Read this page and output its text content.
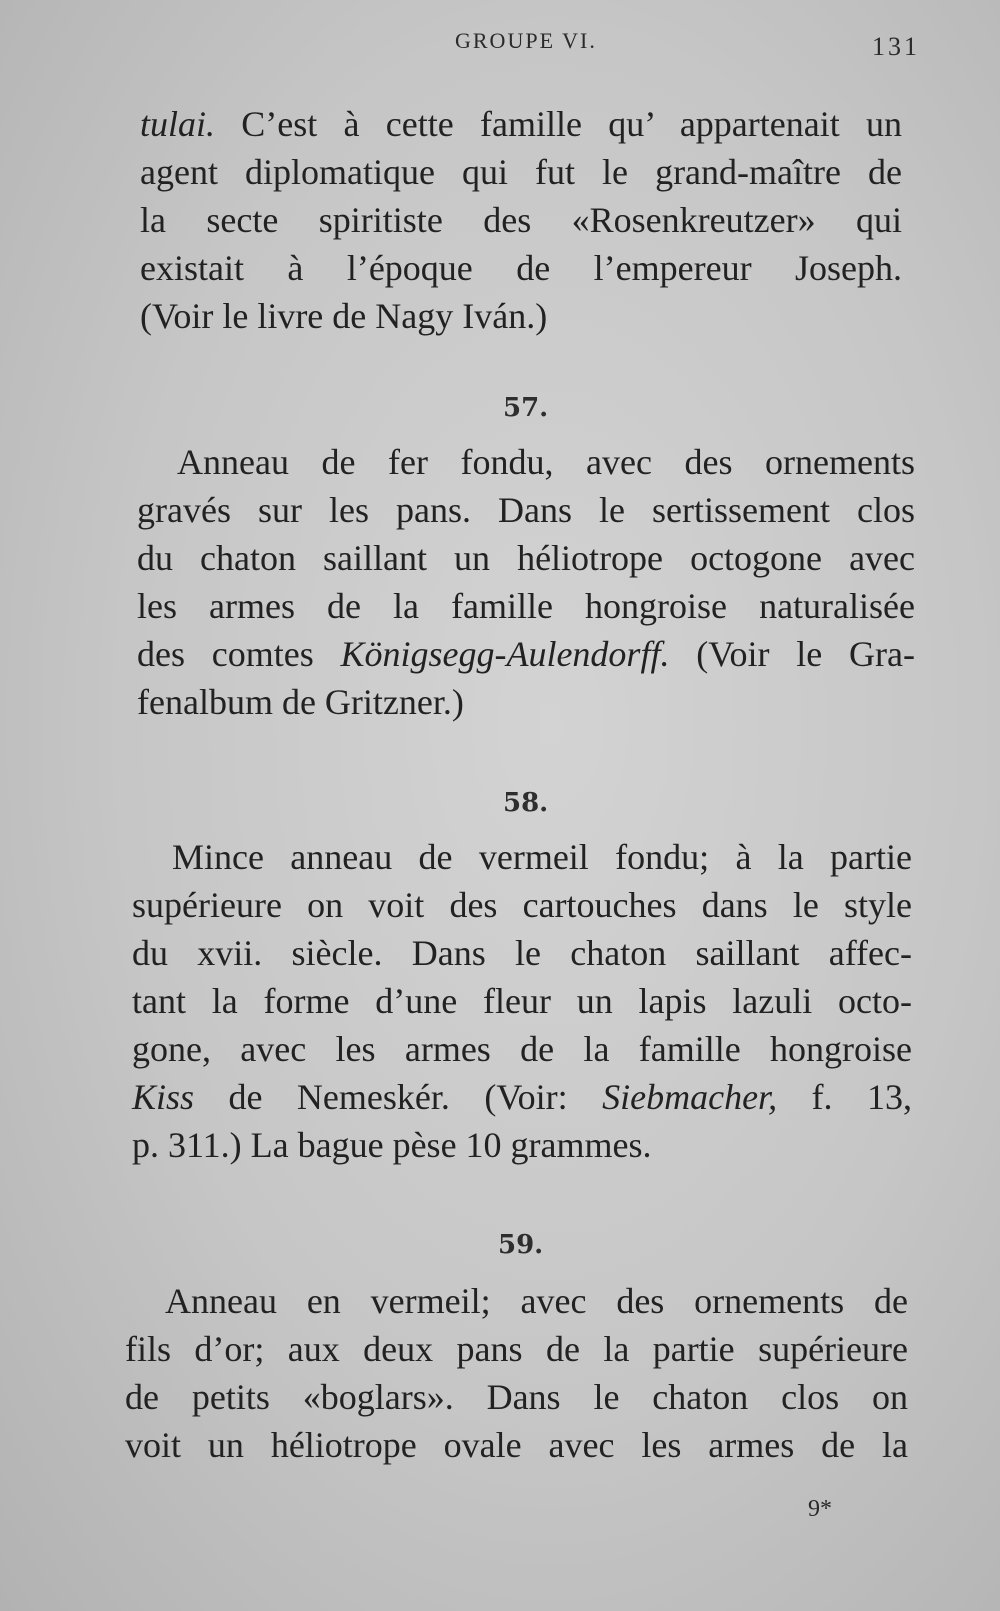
GROUPE VI.	131
tulai. C’est à cette famille qu’ appartenait un
agent diplomatique qui fut le grand-maître de
la secte spiritiste des «Rosenkreutzer» qui
existait à l’époque de l’empereur Joseph.
(Voir le livre de Nagy Iván.)
57.
Anneau de fer fondu, avec des ornements
gravés sur les pans. Dans le sertissement clos
du chaton saillant un héliotrope octogone avec
les armes de la famille hongroise naturalisée
des comtes Königsegg-Aulendorff. (Voir le Gra-
fenalbum de Gritzner.)
58.
Mince anneau de vermeil fondu; à la partie
supérieure on voit des cartouches dans le style
du xvii. siècle. Dans le chaton saillant affec-
tant la forme d’une fleur un lapis lazuli octo-
gone, avec les armes de la famille hongroise
Kiss de Nemeskér. (Voir: Siebmacher, f. 13,
p. 311.) La bague pèse 10 grammes.
59.
Anneau en vermeil; avec des ornements de
fils d’or; aux deux pans de la partie supérieure
de petits «boglars». Dans le chaton clos on
voit un héliotrope ovale avec les armes de la
9*
